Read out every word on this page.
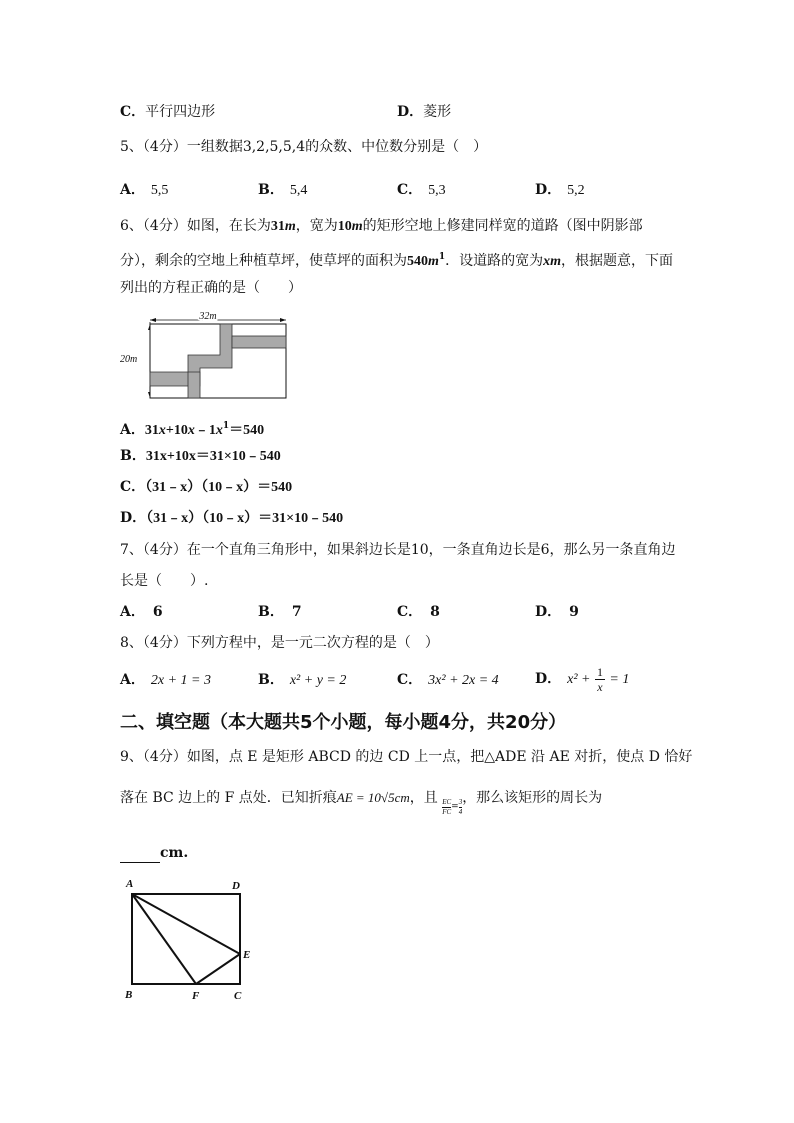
C．平行四边形	D．菱形
5、（4分）一组数据3,2,5,5,4的众数、中位数分别是（　）
A． 5,5	B． 5,4	C． 5,3	D． 5,2
6、（4分）如图，在长为31m，宽为10m的矩形空地上修建同样宽的道路（图中阴影部
分），剩余的空地上种植草坪，使草坪的面积为$540m^1$．设道路的宽为xm，根据题意，下面
列出的方程正确的是（　　）
32m
20m
A．$31x+10x﹣1x^1=540$
B．31x+10x＝31×10﹣540
C．（31﹣x）（10﹣x）＝540
D．（31﹣x）（10﹣x）＝31×10﹣540
7、（4分）在一个直角三角形中，如果斜边长是10，一条直角边长是6，那么另一条直角边
长是（　　）.
A． 6	B． 7	C． 8	D． 9
8、（4分）下列方程中，是一元二次方程的是（　）
A． 2x + 1 = 3	B． x² + y = 2	C． 3x² + 2x = 4	D． $x^2 + \frac{1}{x} = 1$
二、填空题（本大题共5个小题，每小题4分，共20分）
9、（4分）如图，点 E 是矩形 ABCD 的边 CD 上一点，把△ADE 沿 AE 对折，使点 D 恰好
落在 BC 边上的 F 点处．已知折痕AE = 10√5cm，且 $\frac{EC}{FC}= \frac{3}{4}$，那么该矩形的周长为
cm.
A	D
E
B	F	C
